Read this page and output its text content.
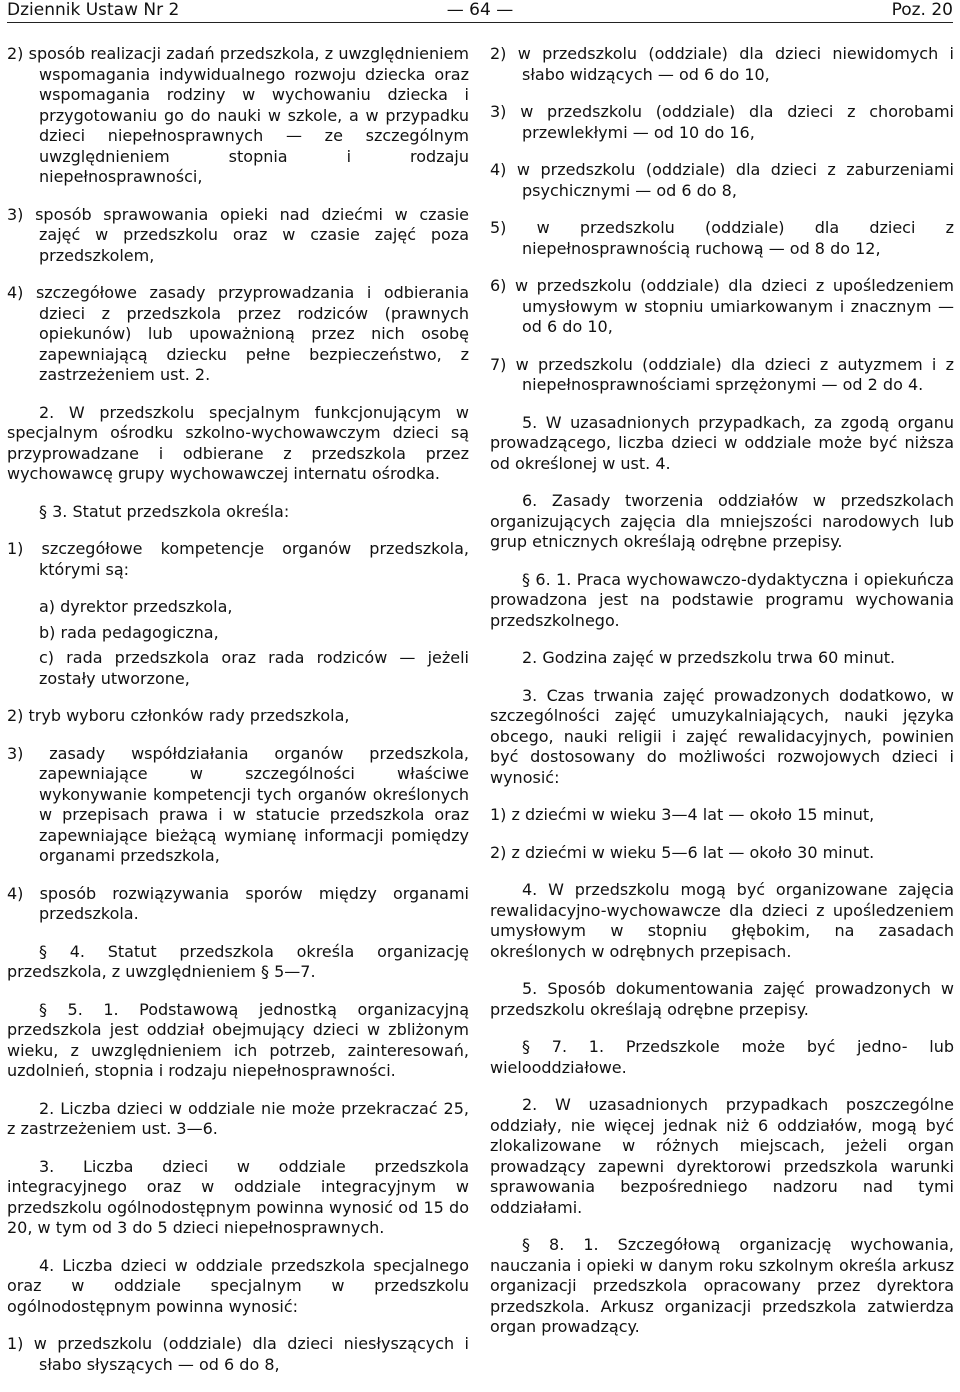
Dziennik Ustaw Nr 2	— 64 —	Poz. 20

2) sposób realizacji zadań przedszkola, z uwzględnieniem wspomagania indywidualnego rozwoju dziecka oraz wspomagania rodziny w wychowaniu dziecka i przygotowaniu go do nauki w szkole, a w przypadku dzieci niepełnosprawnych — ze szczególnym uwzględnieniem stopnia i rodzaju niepełnosprawności,

3) sposób sprawowania opieki nad dziećmi w czasie zajęć w przedszkolu oraz w czasie zajęć poza przedszkolem,

4) szczegółowe zasady przyprowadzania i odbierania dzieci z przedszkola przez rodziców (prawnych opiekunów) lub upoważnioną przez nich osobę zapewniającą dziecku pełne bezpieczeństwo, z zastrzeżeniem ust. 2.

2. W przedszkolu specjalnym funkcjonującym w specjalnym ośrodku szkolno-wychowawczym dzieci są przyprowadzane i odbierane z przedszkola przez wychowawcę grupy wychowawczej internatu ośrodka.

§ 3. Statut przedszkola określa:

1) szczegółowe kompetencje organów przedszkola, którymi są:

a) dyrektor przedszkola,

b) rada pedagogiczna,

c) rada przedszkola oraz rada rodziców — jeżeli zostały utworzone,

2) tryb wyboru członków rady przedszkola,

3) zasady współdziałania organów przedszkola, zapewniające w szczególności właściwe wykonywanie kompetencji tych organów określonych w przepisach prawa i w statucie przedszkola oraz zapewniające bieżącą wymianę informacji pomiędzy organami przedszkola,

4) sposób rozwiązywania sporów między organami przedszkola.

§ 4. Statut przedszkola określa organizację przedszkola, z uwzględnieniem § 5—7.

§ 5. 1. Podstawową jednostką organizacyjną przedszkola jest oddział obejmujący dzieci w zbliżonym wieku, z uwzględnieniem ich potrzeb, zainteresowań, uzdolnień, stopnia i rodzaju niepełnosprawności.

2. Liczba dzieci w oddziale nie może przekraczać 25, z zastrzeżeniem ust. 3—6.

3. Liczba dzieci w oddziale przedszkola integracyjnego oraz w oddziale integracyjnym w przedszkolu ogólnodostępnym powinna wynosić od 15 do 20, w tym od 3 do 5 dzieci niepełnosprawnych.

4. Liczba dzieci w oddziale przedszkola specjalnego oraz w oddziale specjalnym w przedszkolu ogólnodostępnym powinna wynosić:

1) w przedszkolu (oddziale) dla dzieci niesłyszących i słabo słyszących — od 6 do 8,

2) w przedszkolu (oddziale) dla dzieci niewidomych i słabo widzących — od 6 do 10,

3) w przedszkolu (oddziale) dla dzieci z chorobami przewlekłymi — od 10 do 16,

4) w przedszkolu (oddziale) dla dzieci z zaburzeniami psychicznymi — od 6 do 8,

5) w przedszkolu (oddziale) dla dzieci z niepełnosprawnością ruchową — od 8 do 12,

6) w przedszkolu (oddziale) dla dzieci z upośledzeniem umysłowym w stopniu umiarkowanym i znacznym — od 6 do 10,

7) w przedszkolu (oddziale) dla dzieci z autyzmem i z niepełnosprawnościami sprzężonymi — od 2 do 4.

5. W uzasadnionych przypadkach, za zgodą organu prowadzącego, liczba dzieci w oddziale może być niższa od określonej w ust. 4.

6. Zasady tworzenia oddziałów w przedszkolach organizujących zajęcia dla mniejszości narodowych lub grup etnicznych określają odrębne przepisy.

§ 6. 1. Praca wychowawczo-dydaktyczna i opiekuńcza prowadzona jest na podstawie programu wychowania przedszkolnego.

2. Godzina zajęć w przedszkolu trwa 60 minut.

3. Czas trwania zajęć prowadzonych dodatkowo, w szczególności zajęć umuzykalniających, nauki języka obcego, nauki religii i zajęć rewalidacyjnych, powinien być dostosowany do możliwości rozwojowych dzieci i wynosić:

1) z dziećmi w wieku 3—4 lat — około 15 minut,

2) z dziećmi w wieku 5—6 lat — około 30 minut.

4. W przedszkolu mogą być organizowane zajęcia rewalidacyjno-wychowawcze dla dzieci z upośledzeniem umysłowym w stopniu głębokim, na zasadach określonych w odrębnych przepisach.

5. Sposób dokumentowania zajęć prowadzonych w przedszkolu określają odrębne przepisy.

§ 7. 1. Przedszkole może być jedno- lub wielooddziałowe.

2. W uzasadnionych przypadkach poszczególne oddziały, nie więcej jednak niż 6 oddziałów, mogą być zlokalizowane w różnych miejscach, jeżeli organ prowadzący zapewni dyrektorowi przedszkola warunki sprawowania bezpośredniego nadzoru nad tymi oddziałami.

§ 8. 1. Szczegółową organizację wychowania, nauczania i opieki w danym roku szkolnym określa arkusz organizacji przedszkola opracowany przez dyrektora przedszkola. Arkusz organizacji przedszkola zatwierdza organ prowadzący.
